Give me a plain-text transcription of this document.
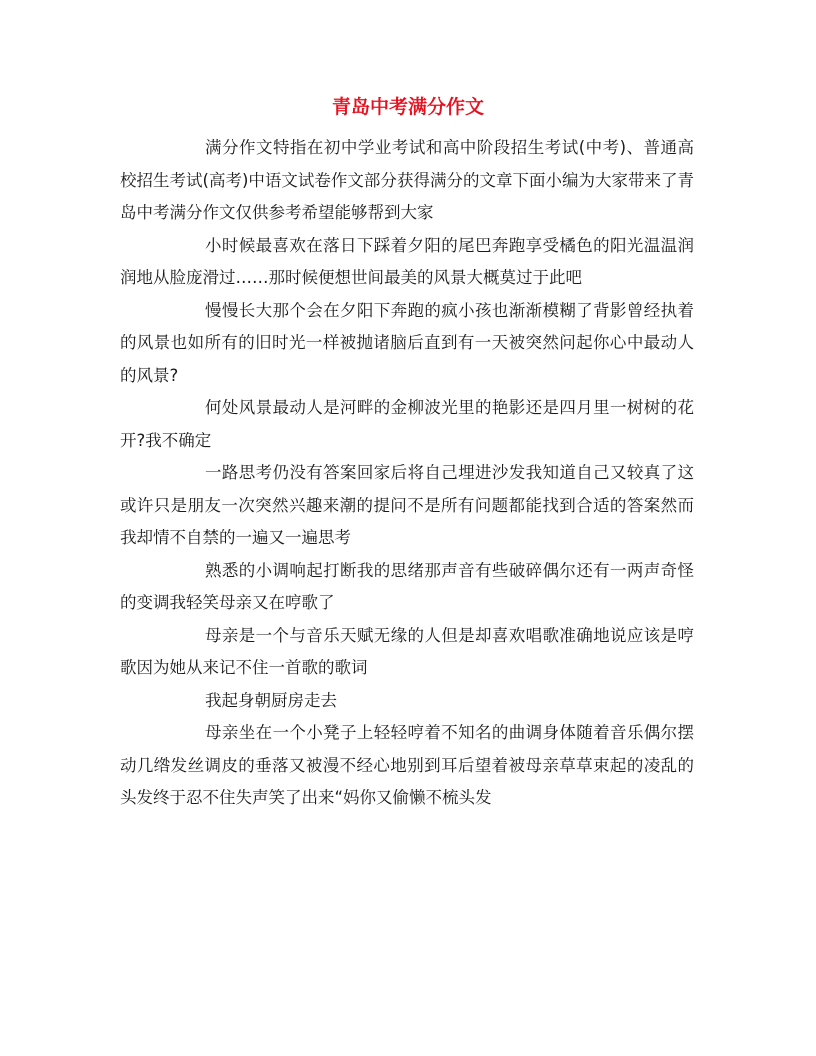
青岛中考满分作文

满分作文特指在初中学业考试和高中阶段招生考试(中考)、普通高校招生考试(高考)中语文试卷作文部分获得满分的文章下面小编为大家带来了青岛中考满分作文仅供参考希望能够帮到大家

小时候最喜欢在落日下踩着夕阳的尾巴奔跑享受橘色的阳光温温润润地从脸庞滑过……那时候便想世间最美的风景大概莫过于此吧

慢慢长大那个会在夕阳下奔跑的疯小孩也渐渐模糊了背影曾经执着的风景也如所有的旧时光一样被抛诸脑后直到有一天被突然问起你心中最动人的风景?

何处风景最动人是河畔的金柳波光里的艳影还是四月里一树树的花开?我不确定

一路思考仍没有答案回家后将自己埋进沙发我知道自己又较真了这或许只是朋友一次突然兴趣来潮的提问不是所有问题都能找到合适的答案然而我却情不自禁的一遍又一遍思考

熟悉的小调响起打断我的思绪那声音有些破碎偶尔还有一两声奇怪的变调我轻笑母亲又在哼歌了

母亲是一个与音乐天赋无缘的人但是却喜欢唱歌准确地说应该是哼歌因为她从来记不住一首歌的歌词

我起身朝厨房走去

母亲坐在一个小凳子上轻轻哼着不知名的曲调身体随着音乐偶尔摆动几绺发丝调皮的垂落又被漫不经心地别到耳后望着被母亲草草束起的凌乱的头发终于忍不住失声笑了出来“妈你又偷懒不梳头发
